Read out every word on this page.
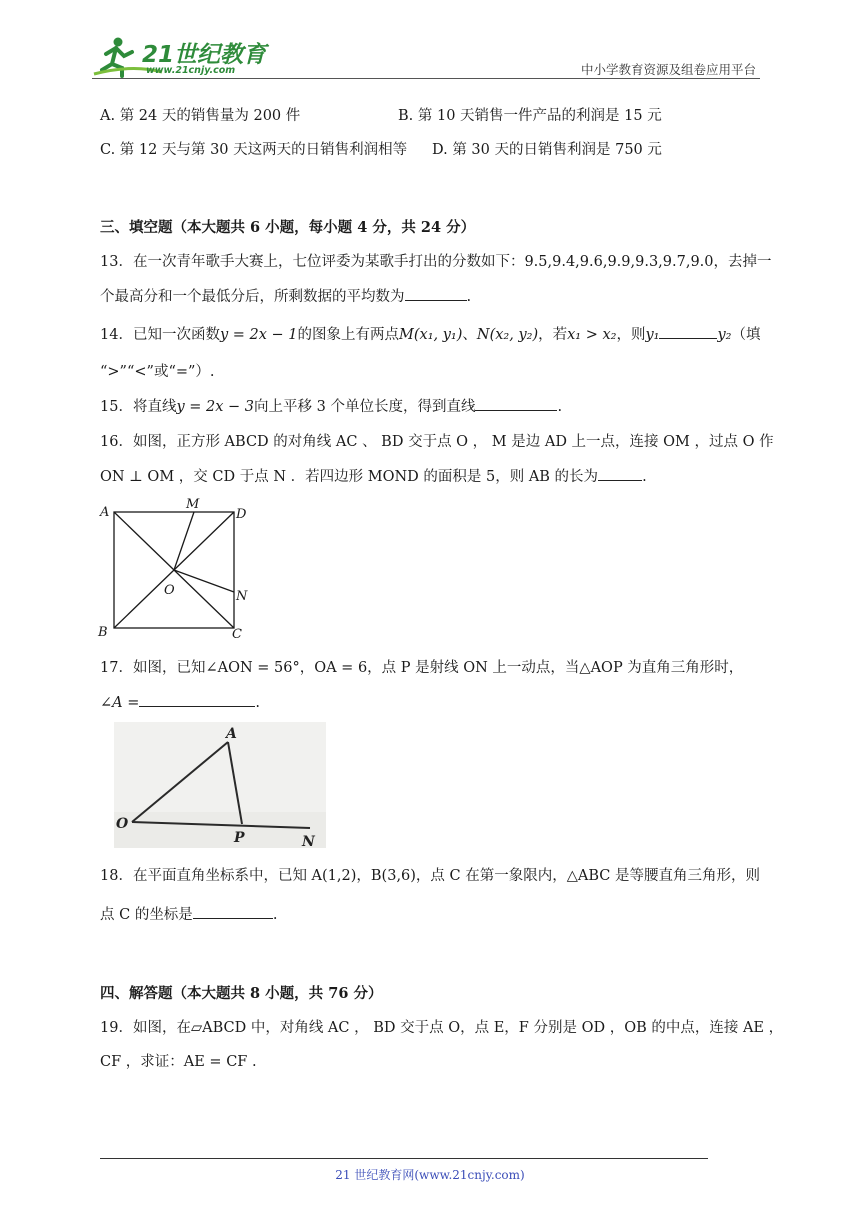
21世纪教育
www.21cnjy.com	中小学教育资源及组卷应用平台
A. 第 24 天的销售量为 200 件	B. 第 10 天销售一件产品的利润是 15 元
C. 第 12 天与第 30 天这两天的日销售利润相等 D. 第 30 天的日销售利润是 750 元
三、填空题（本大题共 6 小题，每小题 4 分，共 24 分）
13．在一次青年歌手大赛上，七位评委为某歌手打出的分数如下：9.5,9.4,9.6,9.9,9.3,9.7,9.0，去掉一
个最高分和一个最低分后，所剩数据的平均数为	.
14．已知一次函数y = 2x − 1的图象上有两点M(x₁, y₁)、N(x₂, y₂)，若x₁ > x₂，则y₁	y₂（填
“>”“<”或“=”）.
15．将直线y = 2x − 3向上平移 3 个单位长度，得到直线	.
16．如图，正方形 ABCD 的对角线 AC 、 BD 交于点 O ， M 是边 AD 上一点，连接 OM ，过点 O 作
ON ⊥ OM ，交 CD 于点 N ．若四边形 MOND 的面积是 5，则 AB 的长为	.
A
M
D
O	N
B	C
17．如图，已知∠AON = 56°，OA = 6，点 P 是射线 ON 上一动点，当△AOP 为直角三角形时，
∠A =	.
A
O
P	N
18．在平面直角坐标系中，已知 A(1,2)，B(3,6)，点 C 在第一象限内，△ABC 是等腰直角三角形，则
点 C 的坐标是	.
四、解答题（本大题共 8 小题，共 76 分）
19．如图，在▱ABCD 中，对角线 AC ， BD 交于点 O，点 E，F 分别是 OD ，OB 的中点，连接 AE ，
CF ，求证：AE = CF .
21 世纪教育网(www.21cnjy.com)
